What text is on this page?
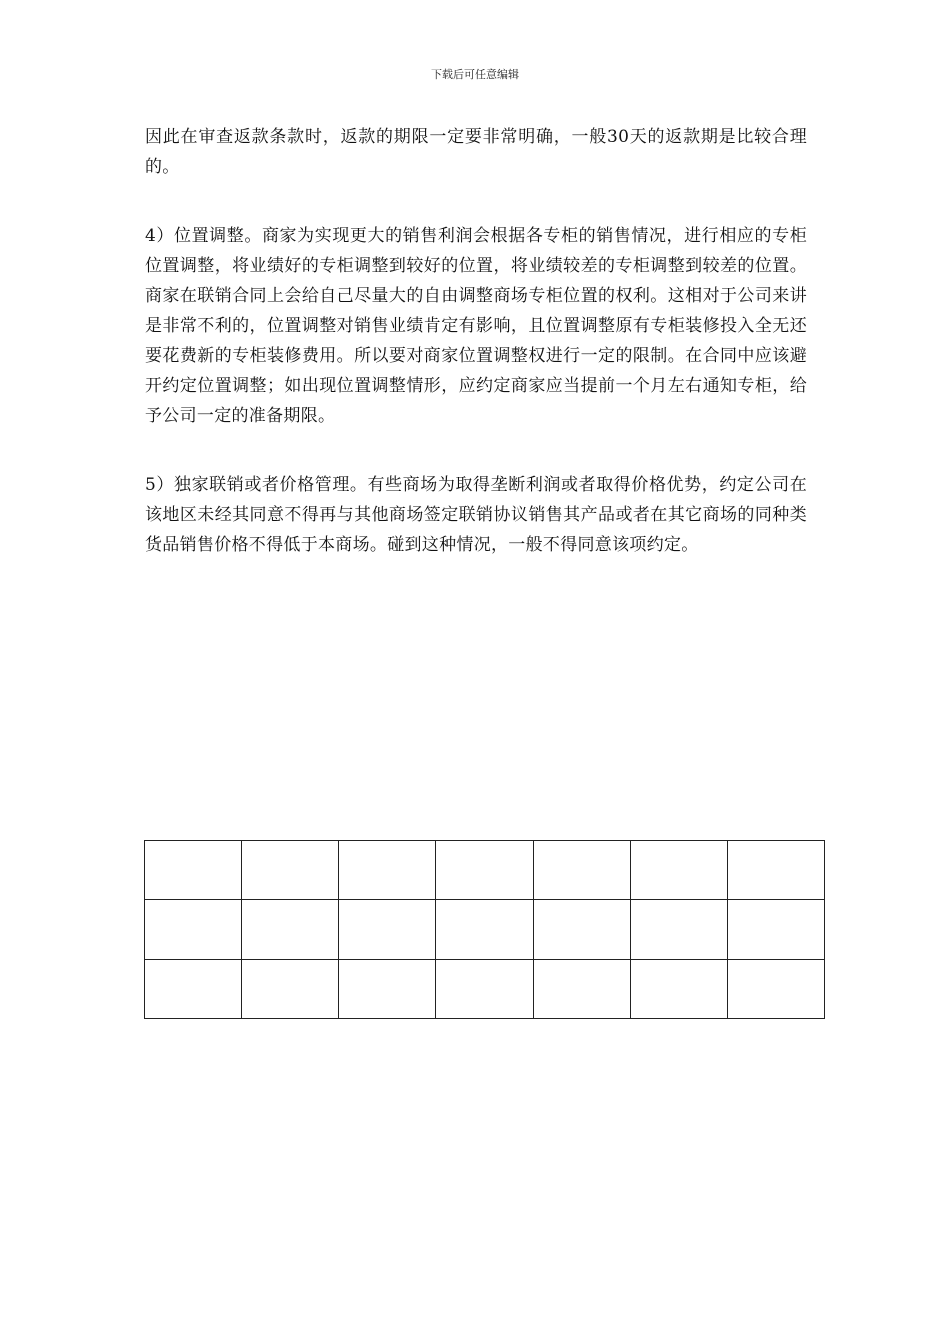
下载后可任意编辑

因此在审查返款条款时，返款的期限一定要非常明确，一般30天的返款期是比较合理的。

4）位置调整。商家为实现更大的销售利润会根据各专柜的销售情况，进行相应的专柜位置调整，将业绩好的专柜调整到较好的位置，将业绩较差的专柜调整到较差的位置。商家在联销合同上会给自己尽量大的自由调整商场专柜位置的权利。这相对于公司来讲是非常不利的，位置调整对销售业绩肯定有影响，且位置调整原有专柜装修投入全无还要花费新的专柜装修费用。所以要对商家位置调整权进行一定的限制。在合同中应该避开约定位置调整；如出现位置调整情形，应约定商家应当提前一个月左右通知专柜，给予公司一定的准备期限。

5）独家联销或者价格管理。有些商场为取得垄断利润或者取得价格优势，约定公司在该地区未经其同意不得再与其他商场签定联销协议销售其产品或者在其它商场的同种类货品销售价格不得低于本商场。碰到这种情况，一般不得同意该项约定。
